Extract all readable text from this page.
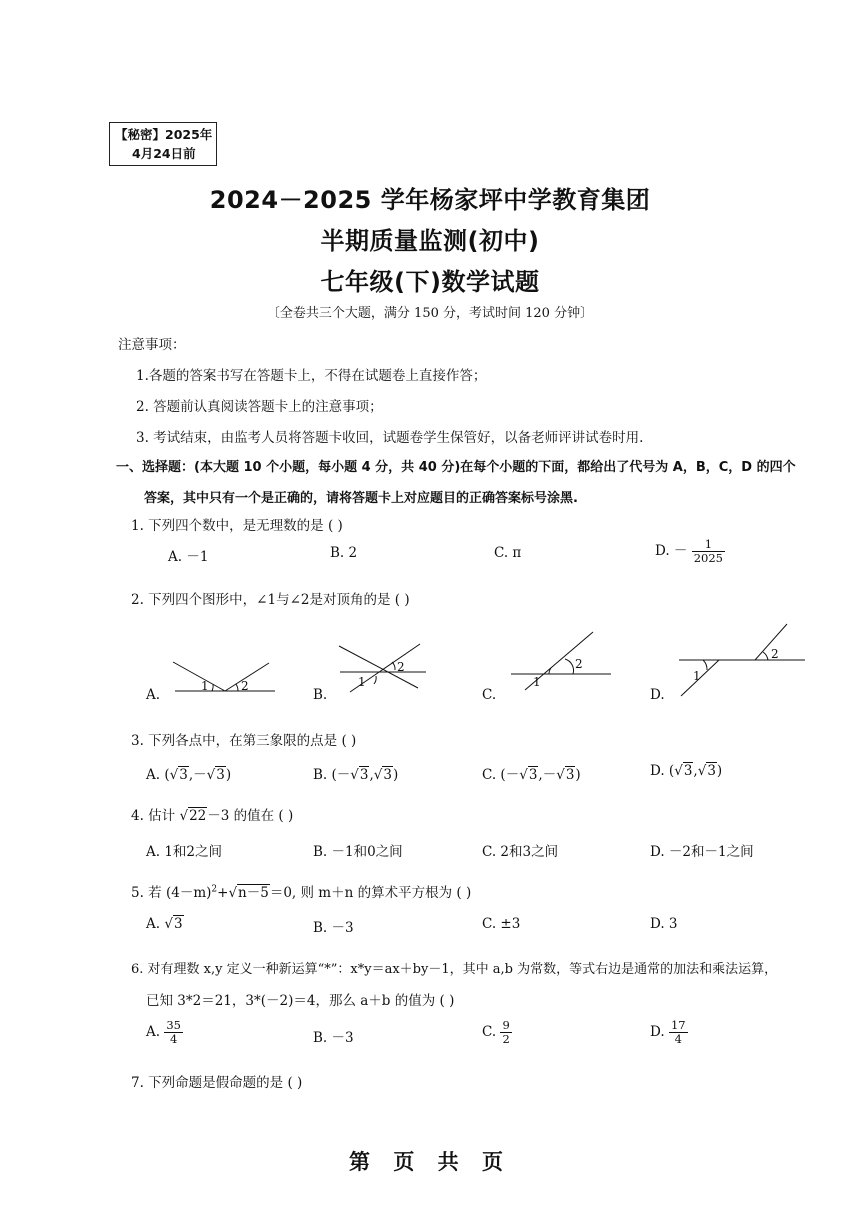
【秘密】2025年
4月24日前
2024－2025 学年杨家坪中学教育集团
半期质量监测(初中)
七年级(下)数学试题
〔全卷共三个大题，满分 150 分，考试时间 120 分钟〕
注意事项：
1.各题的答案书写在答题卡上，不得在试题卷上直接作答；
2. 答题前认真阅读答题卡上的注意事项；
3. 考试结束，由监考人员将答题卡收回，试题卷学生保管好，以备老师评讲试卷时用.
一、选择题：(本大题 10 个小题，每小题 4 分，共 40 分)在每个小题的下面，都给出了代号为 A，B，C，D 的四个
答案，其中只有一个是正确的，请将答题卡上对应题目的正确答案标号涂黑.
1. 下列四个数中，是无理数的是 ( )
A. －1	B. 2	C. π	D. － $\frac{1}{2025}$
2. 下列四个图形中，∠1与∠2是对顶角的是 ( )
A.	B.	C.	D.
1	2	1
2
1
2
1
2
3. 下列各点中，在第三象限的点是 ( )
A. (√3,－√3)	B. (－√3,√3)	C. (－√3,－√3)	D. (√3,√3)
4. 估计 √22－3 的值在 ( )
A. 1和2之间	B. －1和0之间	C. 2和3之间	D. －2和－1之间
5. 若 $(4-m)^2+√n-5=0$, 则 m＋n 的算术平方根为 ( )
A. √3	B. －3	C. ±3	D. 3
6. 对有理数 x,y 定义一种新运算“*”：x*y＝ax＋by－1，其中 a,b 为常数，等式右边是通常的加法和乘法运算，
已知 3*2＝21，3*(－2)＝4，那么 a＋b 的值为 ( )
A. $\frac{35}{4}$	B. －3	C. $\frac{9}{2}$	D. $\frac{17}{4}$
7. 下列命题是假命题的是 ( )
第 页 共 页
